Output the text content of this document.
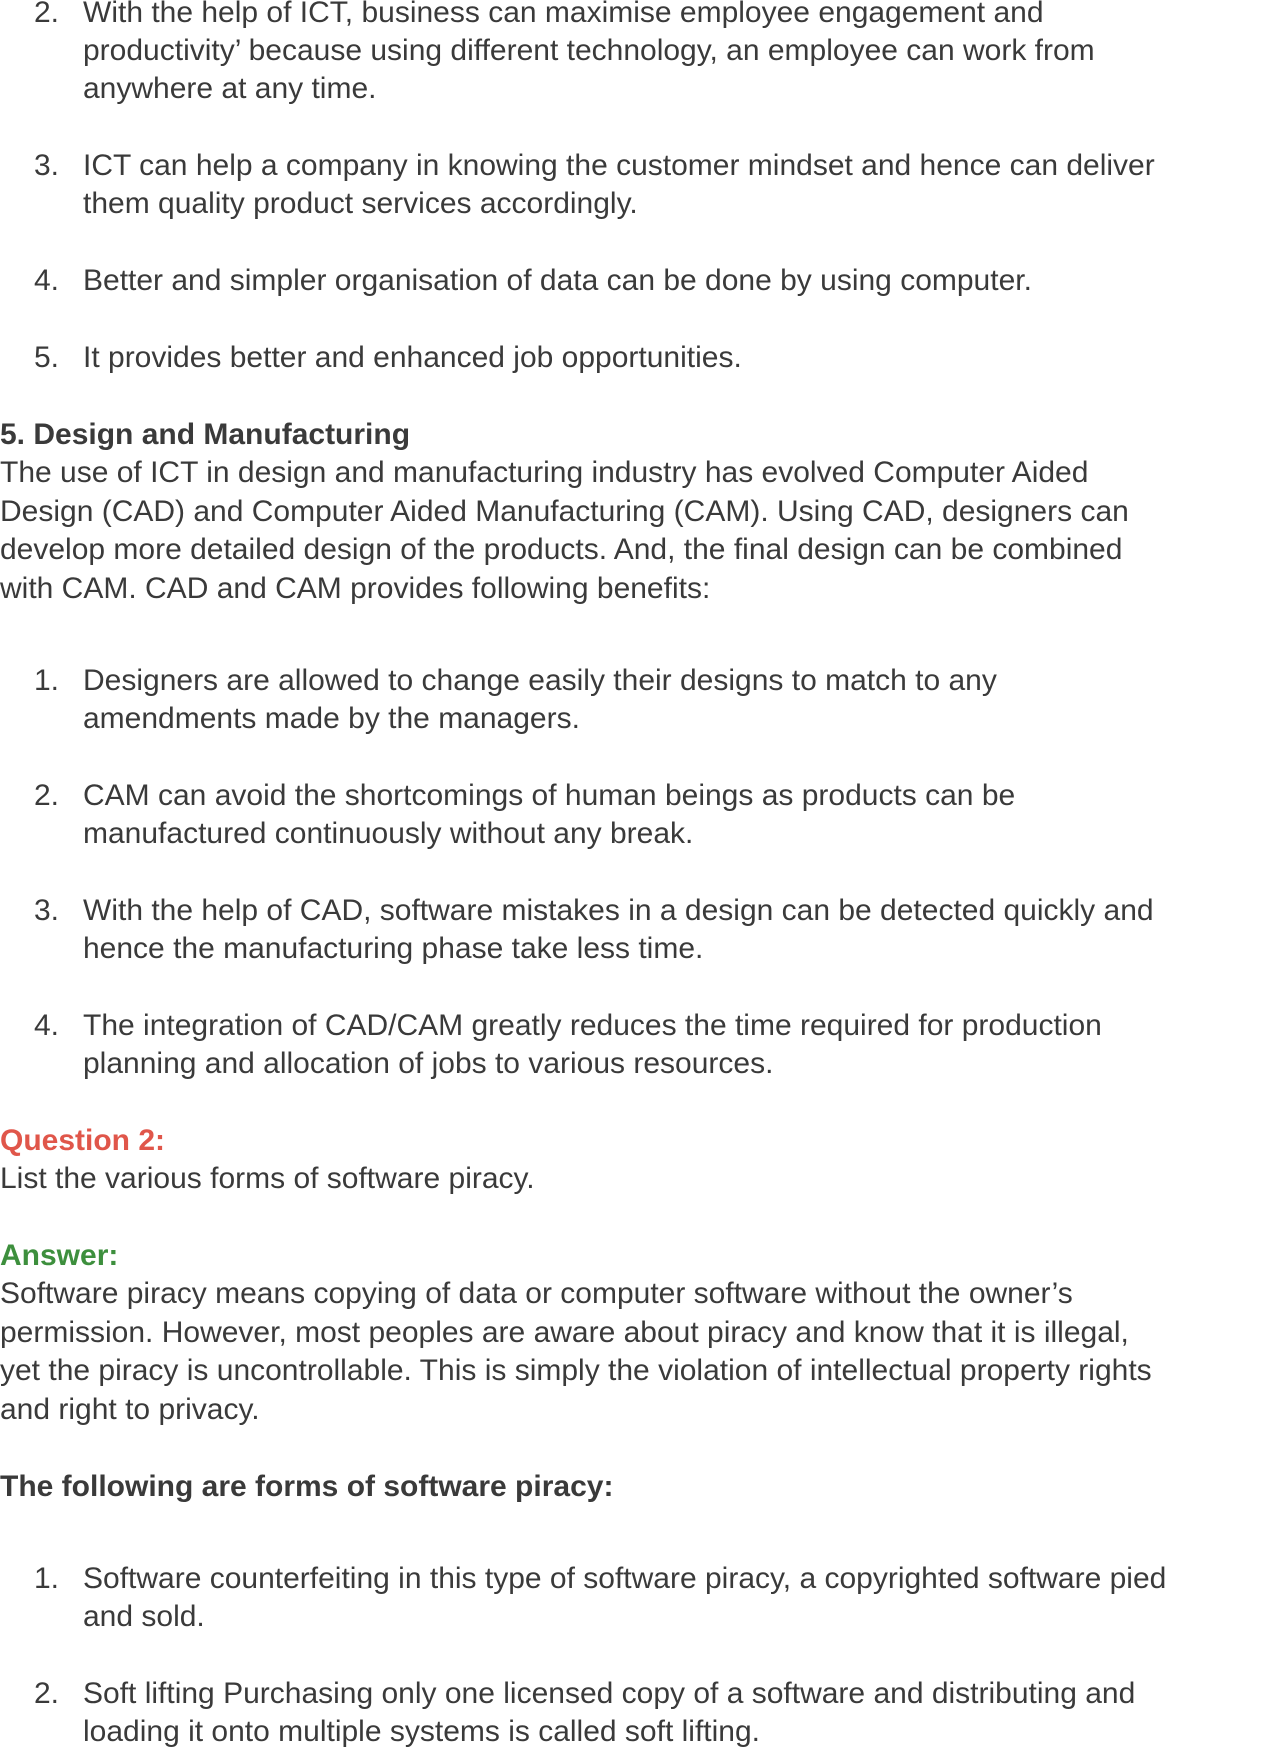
2. With the help of ICT, business can maximise employee engagement and
productivity’ because using different technology, an employee can work from
anywhere at any time.

3. ICT can help a company in knowing the customer mindset and hence can deliver
them quality product services accordingly.

4. Better and simpler organisation of data can be done by using computer.

5. It provides better and enhanced job opportunities.

5. Design and Manufacturing

The use of ICT in design and manufacturing industry has evolved Computer Aided
Design (CAD) and Computer Aided Manufacturing (CAM). Using CAD, designers can
develop more detailed design of the products. And, the final design can be combined
with CAM. CAD and CAM provides following benefits:

1. Designers are allowed to change easily their designs to match to any
amendments made by the managers.

2. CAM can avoid the shortcomings of human beings as products can be
manufactured continuously without any break.

3. With the help of CAD, software mistakes in a design can be detected quickly and
hence the manufacturing phase take less time.

4. The integration of CAD/CAM greatly reduces the time required for production
planning and allocation of jobs to various resources.

Question 2:

List the various forms of software piracy.

Answer:

Software piracy means copying of data or computer software without the owner’s
permission. However, most peoples are aware about piracy and know that it is illegal,
yet the piracy is uncontrollable. This is simply the violation of intellectual property rights
and right to privacy.

The following are forms of software piracy:
1. Software counterfeiting in this type of software piracy, a copyrighted software pied
and sold.

2. Soft lifting Purchasing only one licensed copy of a software and distributing and
loading it onto multiple systems is called soft lifting.
